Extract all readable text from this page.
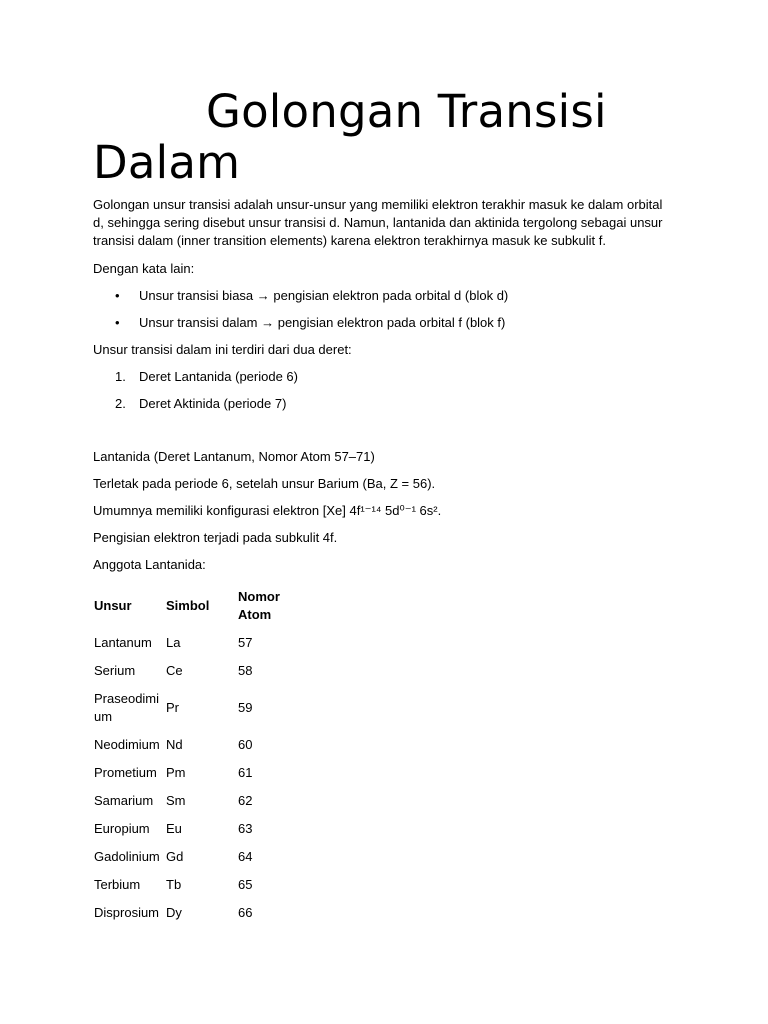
Golongan Transisi Dalam

Golongan unsur transisi adalah unsur-unsur yang memiliki elektron terakhir masuk ke dalam orbital d, sehingga sering disebut unsur transisi d. Namun, lantanida dan aktinida tergolong sebagai unsur transisi dalam (inner transition elements) karena elektron terakhirnya masuk ke subkulit f.

Dengan kata lain:

• Unsur transisi biasa → pengisian elektron pada orbital d (blok d)
• Unsur transisi dalam → pengisian elektron pada orbital f (blok f)

Unsur transisi dalam ini terdiri dari dua deret:

1. Deret Lantanida (periode 6)
2. Deret Aktinida (periode 7)

Lantanida (Deret Lantanum, Nomor Atom 57–71)

Terletak pada periode 6, setelah unsur Barium (Ba, Z = 56).

Umumnya memiliki konfigurasi elektron [Xe] 4f¹⁻¹⁴ 5d⁰⁻¹ 6s².

Pengisian elektron terjadi pada subkulit 4f.

Anggota Lantanida:

Unsur	Simbol	Nomor Atom
Lantanum	La	57
Serium	Ce	58
Praseodimium	Pr	59
Neodimium	Nd	60
Prometium	Pm	61
Samarium	Sm	62
Europium	Eu	63
Gadolinium	Gd	64
Terbium	Tb	65
Disprosium	Dy	66
